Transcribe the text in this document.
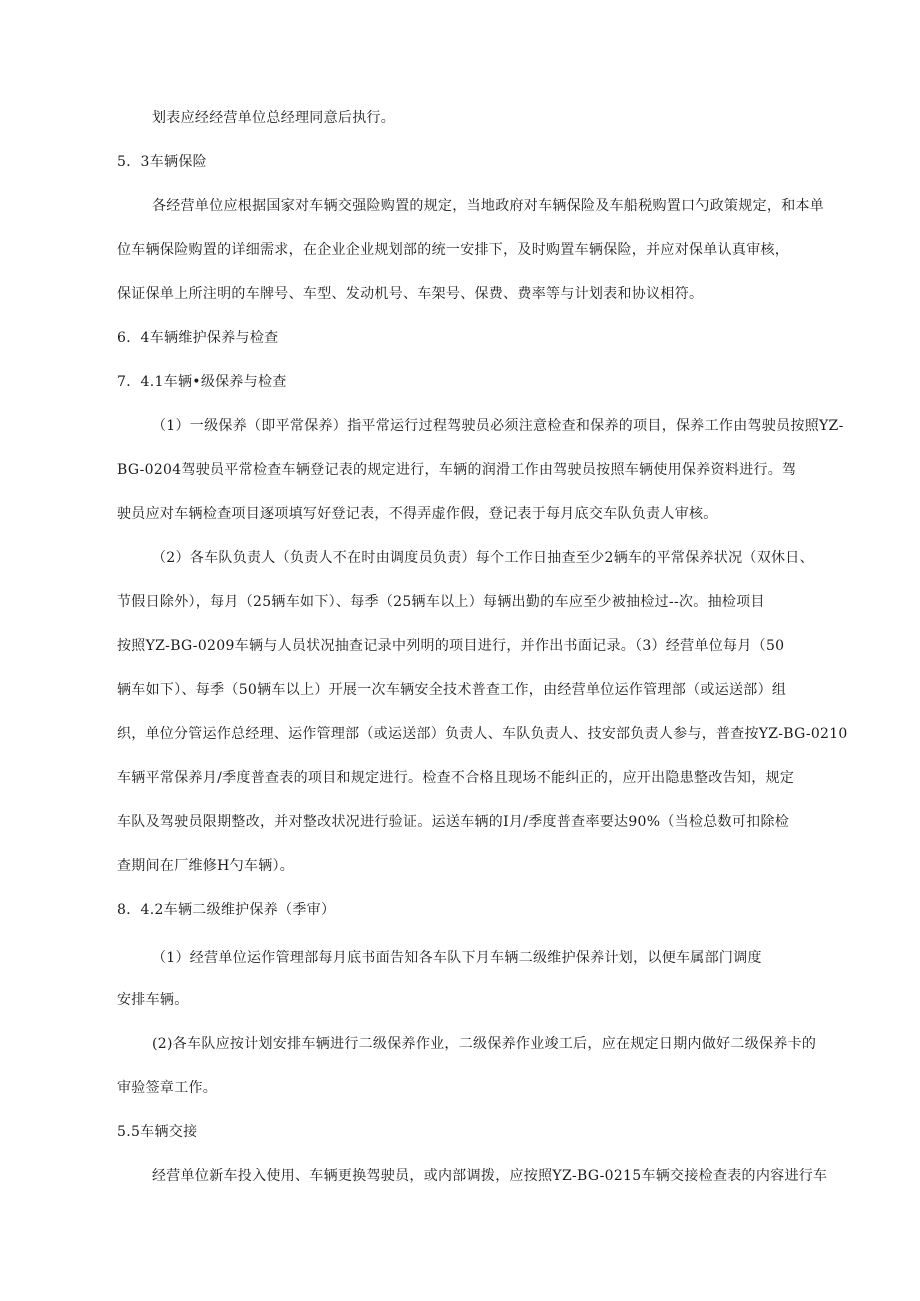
划表应经经营单位总经理同意后执行。
5．3车辆保险
各经营单位应根据国家对车辆交强险购置的规定，当地政府对车辆保险及车船税购置口勺政策规定，和本单
位车辆保险购置的详细需求，在企业企业规划部的统一安排下，及时购置车辆保险，并应对保单认真审核，
保证保单上所注明的车牌号、车型、发动机号、车架号、保费、费率等与计划表和协议相符。
6．4车辆维护保养与检查
7．4.1车辆•级保养与检查
（1）一级保养（即平常保养）指平常运行过程驾驶员必须注意检查和保养的项目，保养工作由驾驶员按照YZ-
BG-0204驾驶员平常检查车辆登记表的规定进行，车辆的润滑工作由驾驶员按照车辆使用保养资料进行。驾
驶员应对车辆检查项目逐项填写好登记表，不得弄虚作假，登记表于每月底交车队负责人审核。
（2）各车队负责人（负责人不在时由调度员负责）每个工作日抽查至少2辆车的平常保养状况（双休日、
节假日除外），每月（25辆车如下）、每季（25辆车以上）每辆出勤的车应至少被抽检过--次。抽检项目
按照YZ-BG-0209车辆与人员状况抽查记录中列明的项目进行，并作出书面记录。（3）经营单位每月（50
辆车如下）、每季（50辆车以上）开展一次车辆安全技术普查工作，由经营单位运作管理部（或运送部）组
织，单位分管运作总经理、运作管理部（或运送部）负责人、车队负责人、技安部负责人参与，普查按YZ-BG-0210
车辆平常保养月/季度普查表的项目和规定进行。检查不合格且现场不能纠正的，应开出隐患整改告知，规定
车队及驾驶员限期整改，并对整改状况进行验证。运送车辆的I月/季度普查率要达90%（当检总数可扣除检
查期间在厂维修H勺车辆）。
8．4.2车辆二级维护保养（季审）
（1）经营单位运作管理部每月底书面告知各车队下月车辆二级维护保养计划，以便车属部门调度
安排车辆。
(2)各车队应按计划安排车辆进行二级保养作业，二级保养作业竣工后，应在规定日期内做好二级保养卡的
审验签章工作。
5.5车辆交接
经营单位新车投入使用、车辆更换驾驶员，或内部调拨，应按照YZ-BG-0215车辆交接检查表的内容进行车
